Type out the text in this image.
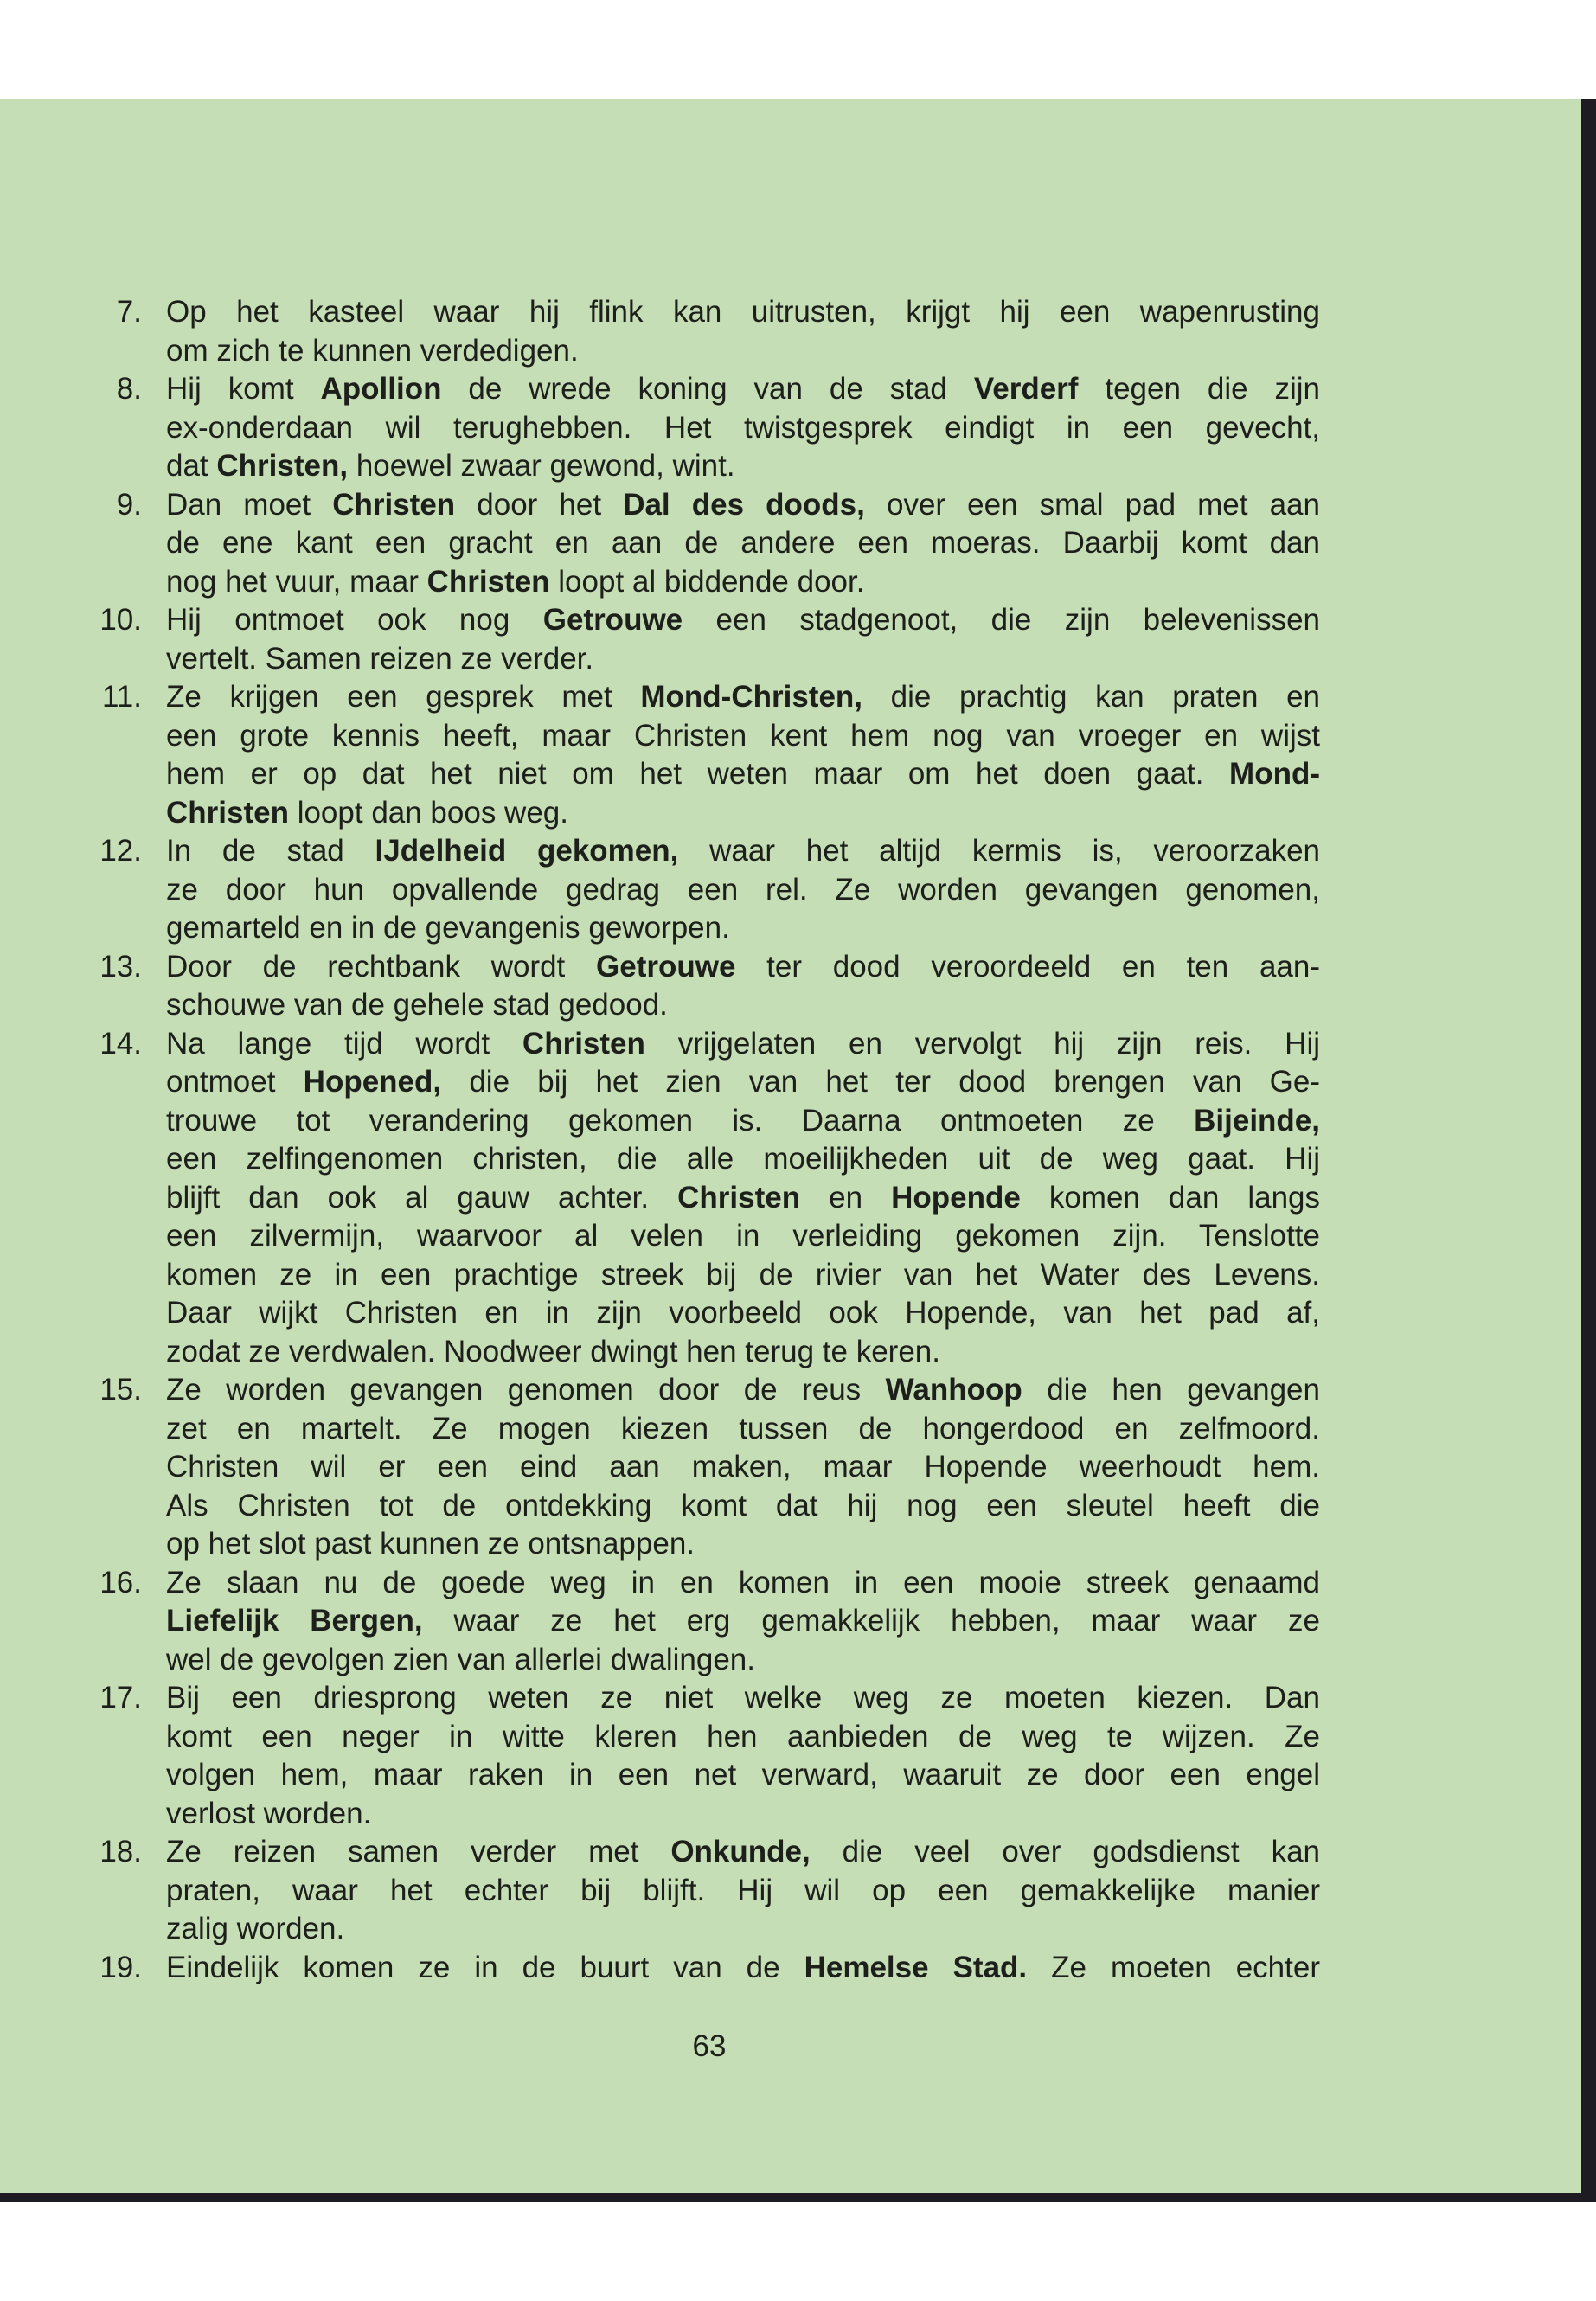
7. Op het kasteel waar hij flink kan uitrusten, krijgt hij een wapenrusting
om zich te kunnen verdedigen.
8. Hij komt Apollion de wrede koning van de stad Verderf tegen die zijn
ex-onderdaan wil terughebben. Het twistgesprek eindigt in een gevecht,
dat Christen, hoewel zwaar gewond, wint.
9. Dan moet Christen door het Dal des doods, over een smal pad met aan
de ene kant een gracht en aan de andere een moeras. Daarbij komt dan
nog het vuur, maar Christen loopt al biddende door.
10. Hij ontmoet ook nog Getrouwe een stadgenoot, die zijn belevenissen
vertelt. Samen reizen ze verder.
11. Ze krijgen een gesprek met Mond-Christen, die prachtig kan praten en
een grote kennis heeft, maar Christen kent hem nog van vroeger en wijst
hem er op dat het niet om het weten maar om het doen gaat. Mond-
Christen loopt dan boos weg.
12. In de stad IJdelheid gekomen, waar het altijd kermis is, veroorzaken
ze door hun opvallende gedrag een rel. Ze worden gevangen genomen,
gemarteld en in de gevangenis geworpen.
13. Door de rechtbank wordt Getrouwe ter dood veroordeeld en ten aan-
schouwe van de gehele stad gedood.
14. Na lange tijd wordt Christen vrijgelaten en vervolgt hij zijn reis. Hij
ontmoet Hopened, die bij het zien van het ter dood brengen van Ge-
trouwe tot verandering gekomen is. Daarna ontmoeten ze Bijeinde,
een zelfingenomen christen, die alle moeilijkheden uit de weg gaat. Hij
blijft dan ook al gauw achter. Christen en Hopende komen dan langs
een zilvermijn, waarvoor al velen in verleiding gekomen zijn. Tenslotte
komen ze in een prachtige streek bij de rivier van het Water des Levens.
Daar wijkt Christen en in zijn voorbeeld ook Hopende, van het pad af,
zodat ze verdwalen. Noodweer dwingt hen terug te keren.
15. Ze worden gevangen genomen door de reus Wanhoop die hen gevangen
zet en martelt. Ze mogen kiezen tussen de hongerdood en zelfmoord.
Christen wil er een eind aan maken, maar Hopende weerhoudt hem.
Als Christen tot de ontdekking komt dat hij nog een sleutel heeft die
op het slot past kunnen ze ontsnappen.
16. Ze slaan nu de goede weg in en komen in een mooie streek genaamd
Liefelijk Bergen, waar ze het erg gemakkelijk hebben, maar waar ze
wel de gevolgen zien van allerlei dwalingen.
17. Bij een driesprong weten ze niet welke weg ze moeten kiezen. Dan
komt een neger in witte kleren hen aanbieden de weg te wijzen. Ze
volgen hem, maar raken in een net verward, waaruit ze door een engel
verlost worden.
18. Ze reizen samen verder met Onkunde, die veel over godsdienst kan
praten, waar het echter bij blijft. Hij wil op een gemakkelijke manier
zalig worden.
19. Eindelijk komen ze in de buurt van de Hemelse Stad. Ze moeten echter
63
